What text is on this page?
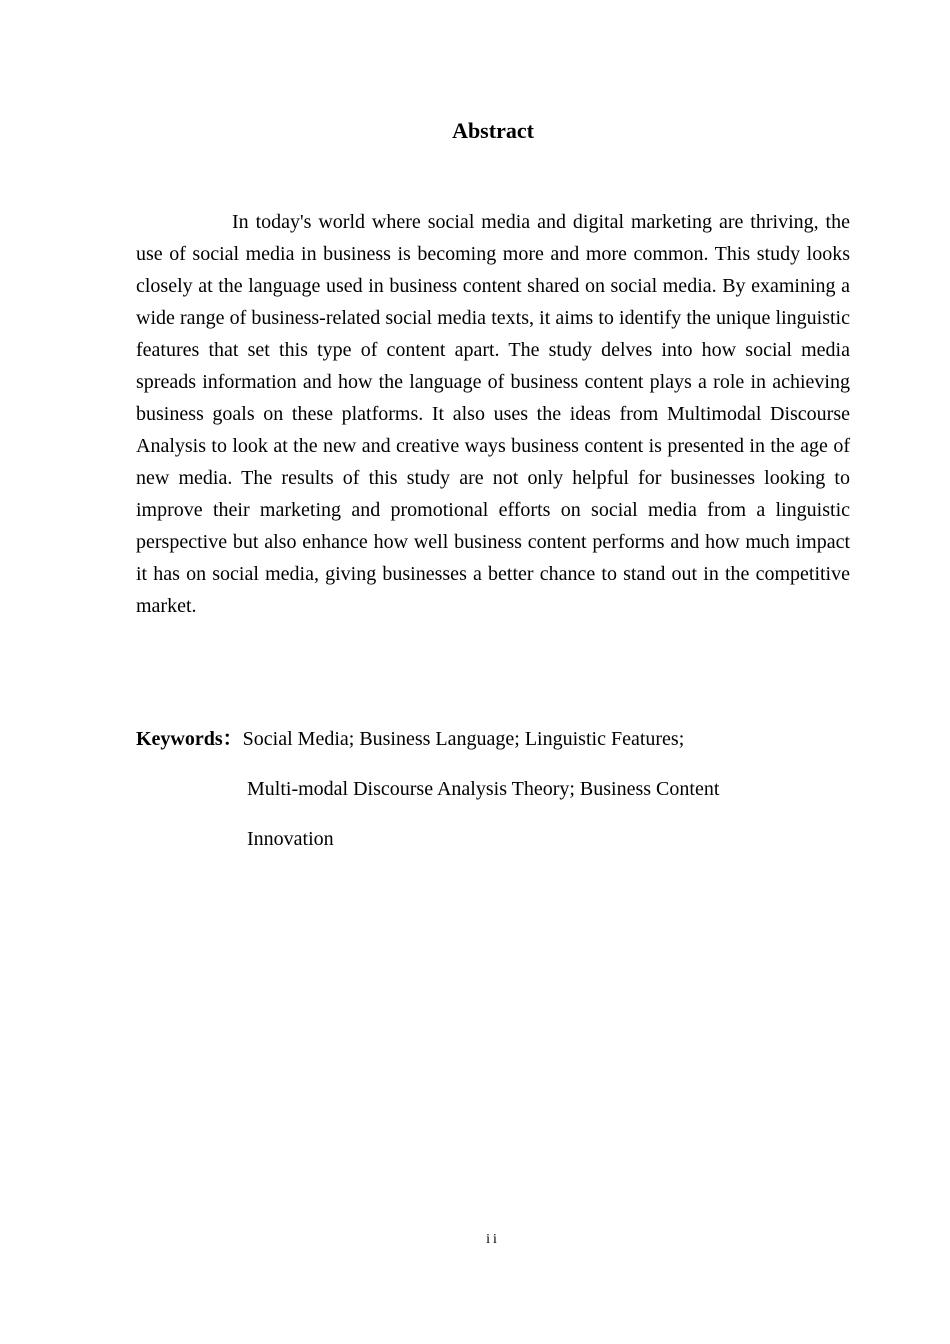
Abstract

In today's world where social media and digital marketing are thriving, the use of social media in business is becoming more and more common. This study looks closely at the language used in business content shared on social media. By examining a wide range of business-related social media texts, it aims to identify the unique linguistic features that set this type of content apart. The study delves into how social media spreads information and how the language of business content plays a role in achieving business goals on these platforms. It also uses the ideas from Multimodal Discourse Analysis to look at the new and creative ways business content is presented in the age of new media. The results of this study are not only helpful for businesses looking to improve their marketing and promotional efforts on social media from a linguistic perspective but also enhance how well business content performs and how much impact it has on social media, giving businesses a better chance to stand out in the competitive market.

Keywords：Social Media; Business Language; Linguistic Features;
Multi-modal Discourse Analysis Theory; Business Content
Innovation
ii
